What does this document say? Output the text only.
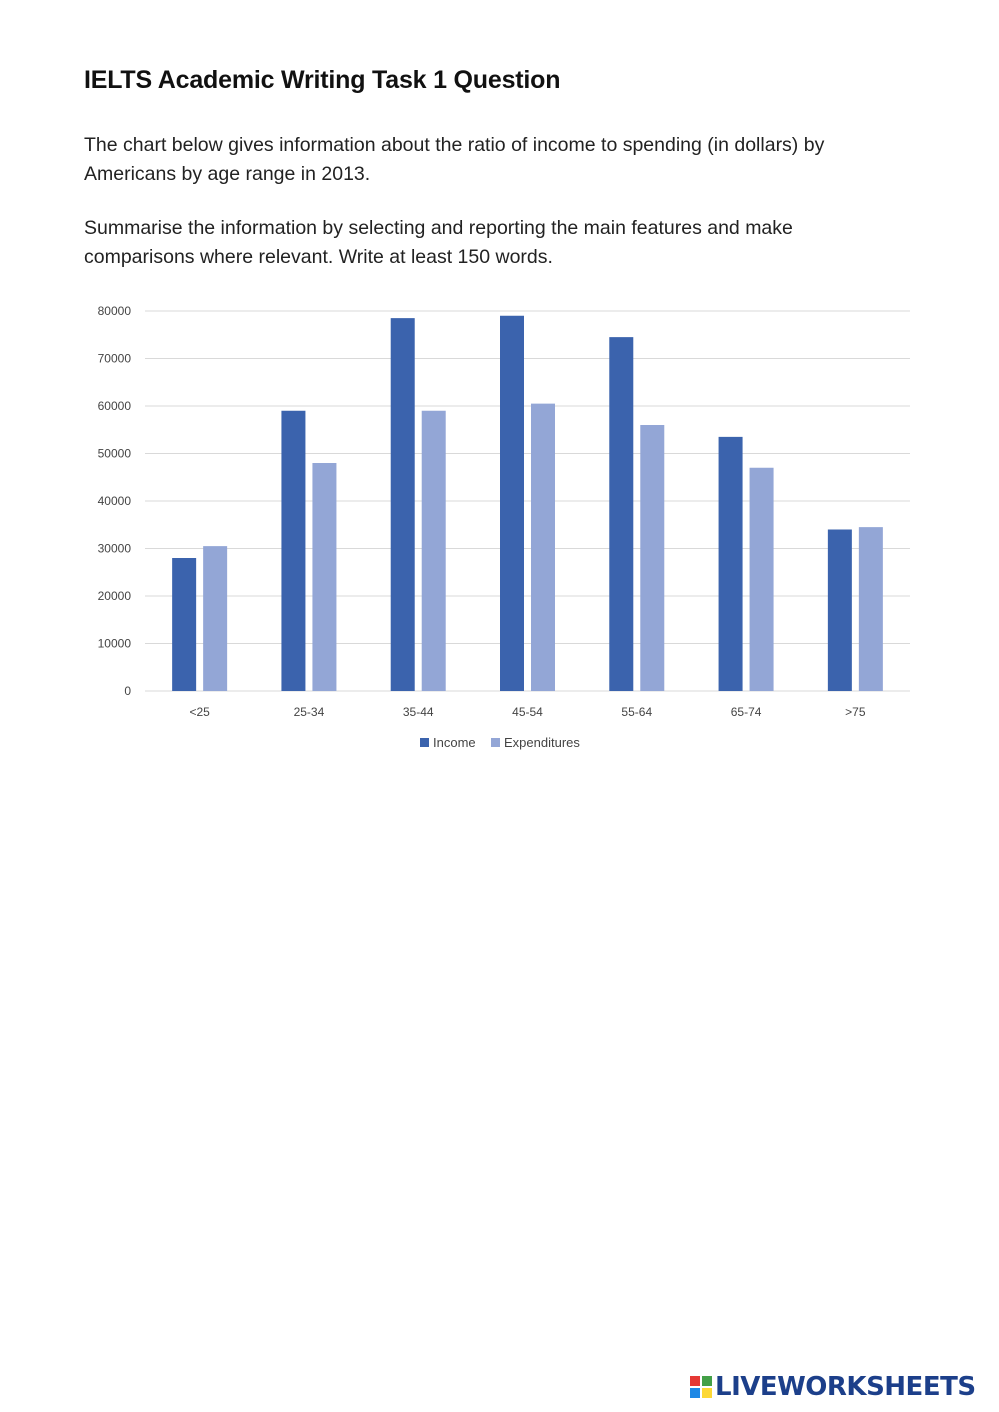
IELTS Academic Writing Task 1 Question
The chart below gives information about the ratio of income to spending (in dollars) by Americans by age range in 2013.
Summarise the information by selecting and reporting the main features and make comparisons where relevant. Write at least 150 words.
0
10000
20000
30000
40000
50000
60000
70000
80000
<25	25-34	35-44	45-54	55-64	65-74	>75
Income Expenditures
LIVEWORKSHEETS
